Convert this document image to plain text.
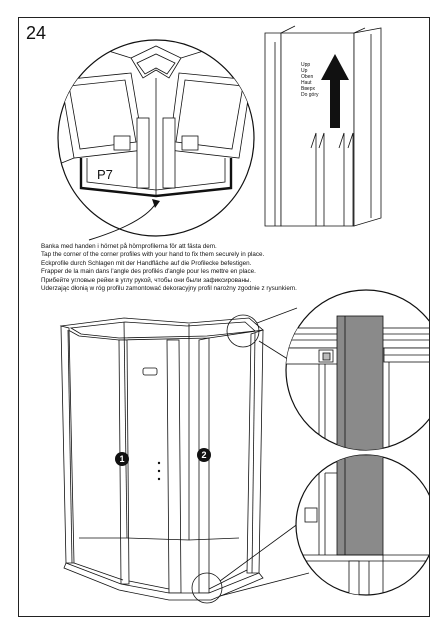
24
P7
Upp
Up
Oben
Haut
Вверх
Do góry
Banka med handen i hörnet på hörnprofilerna för att fästa dem.
Tap the corner of the corner profiles with your hand to fix them securely in place.
Eckprofile durch Schlagen mit der Handfläche auf die Profilecke befestigen.
Frapper de la main dans l'angle des profilés d'angle pour les mettre en place.
Прибейте угловые рейки в углу рукой, чтобы они были зафиксированы.
Uderzając dłonią w róg profilu zamontować dekoracyjny profil narożny zgodnie z rysunkiem.
1	2
